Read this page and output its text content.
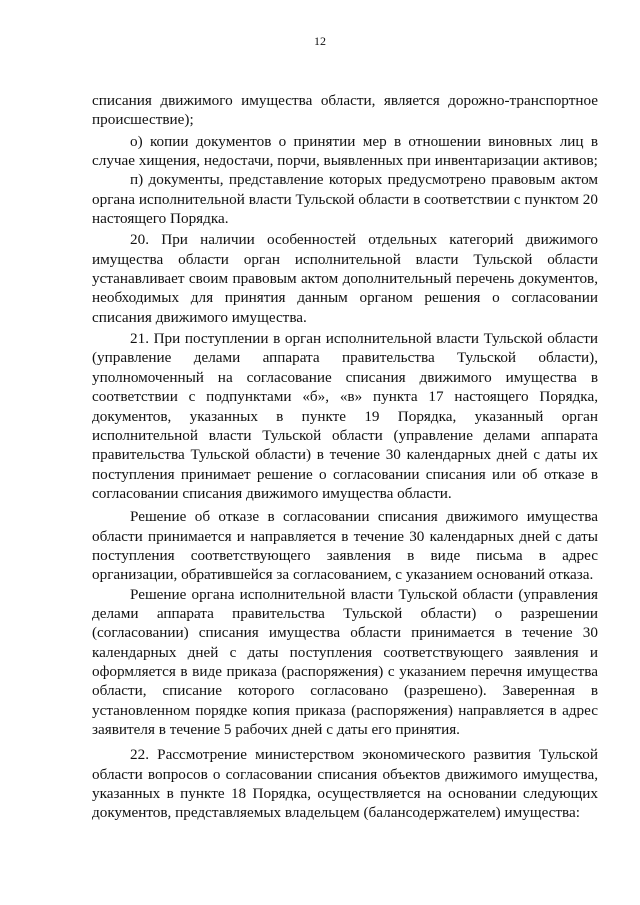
12

списания движимого имущества области, является дорожно-транспортное происшествие);

о) копии документов о принятии мер в отношении виновных лиц в случае хищения, недостачи, порчи, выявленных при инвентаризации активов;

п) документы, представление которых предусмотрено правовым актом органа исполнительной власти Тульской области в соответствии с пунктом 20 настоящего Порядка.

20. При наличии особенностей отдельных категорий движимого имущества области орган исполнительной власти Тульской области устанавливает своим правовым актом дополнительный перечень документов, необходимых для принятия данным органом решения о согласовании списания движимого имущества.

21. При поступлении в орган исполнительной власти Тульской области (управление делами аппарата правительства Тульской области), уполномоченный на согласование списания движимого имущества в соответствии с подпунктами «б», «в» пункта 17 настоящего Порядка, документов, указанных в пункте 19 Порядка, указанный орган исполнительной власти Тульской области (управление делами аппарата правительства Тульской области) в течение 30 календарных дней с даты их поступления принимает решение о согласовании списания или об отказе в согласовании списания движимого имущества области.

Решение об отказе в согласовании списания движимого имущества области принимается и направляется в течение 30 календарных дней с даты поступления соответствующего заявления в виде письма в адрес организации, обратившейся за согласованием, с указанием оснований отказа.

Решение органа исполнительной власти Тульской области (управления делами аппарата правительства Тульской области) о разрешении (согласовании) списания имущества области принимается в течение 30 календарных дней с даты поступления соответствующего заявления и оформляется в виде приказа (распоряжения) с указанием перечня имущества области, списание которого согласовано (разрешено). Заверенная в установленном порядке копия приказа (распоряжения) направляется в адрес заявителя в течение 5 рабочих дней с даты его принятия.

22. Рассмотрение министерством экономического развития Тульской области вопросов о согласовании списания объектов движимого имущества, указанных в пункте 18 Порядка, осуществляется на основании следующих документов, представляемых владельцем (балансодержателем) имущества:
